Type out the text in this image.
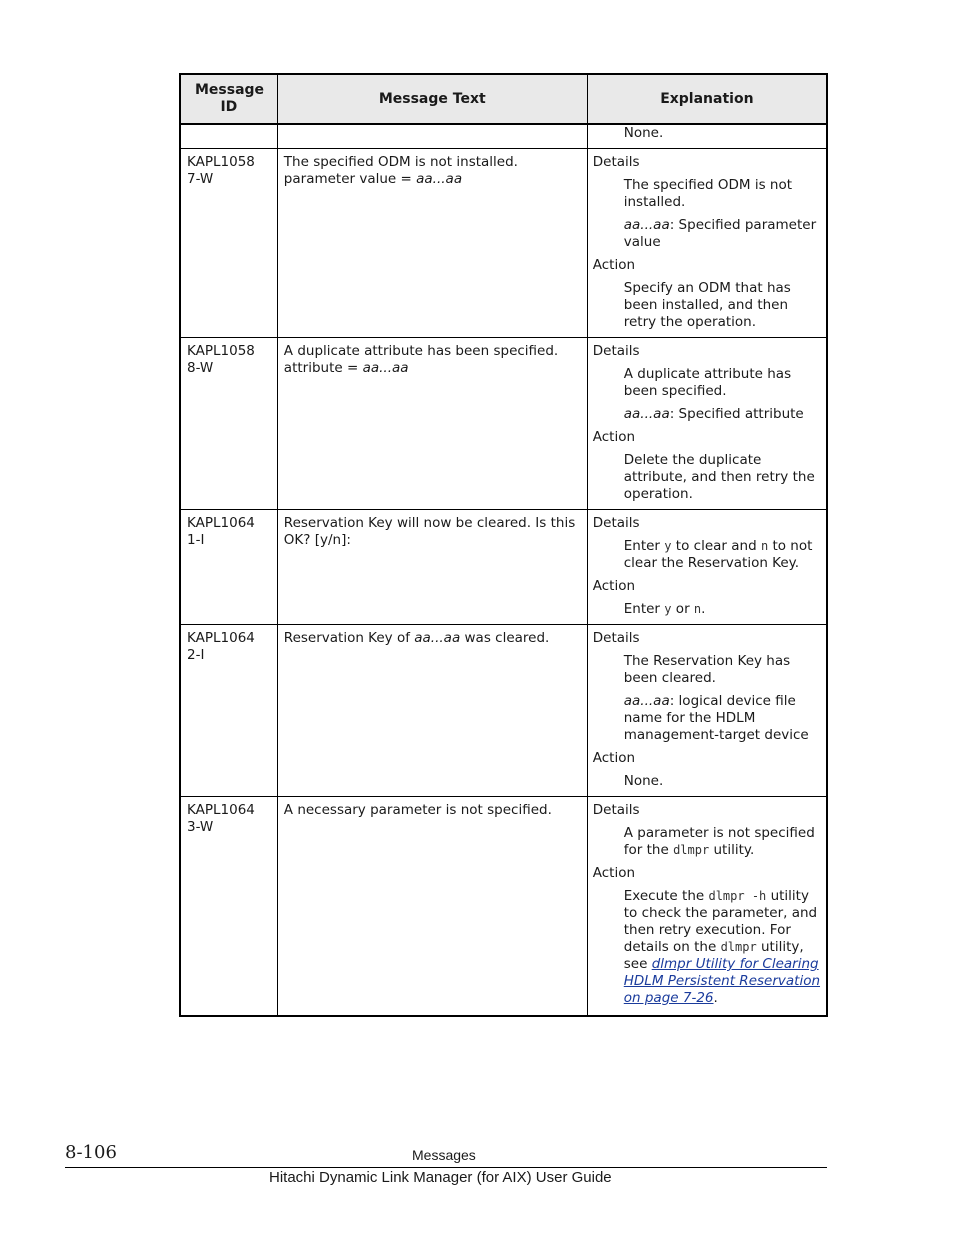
Message ID	Message Text	Explanation

		None.

KAPL10587-W	The specified ODM is not installed. parameter value = aa...aa	Details

The specified ODM is not installed.

aa...aa: Specified parameter value

Action

Specify an ODM that has been installed, and then retry the operation.

KAPL10588-W	A duplicate attribute has been specified. attribute = aa...aa	Details

A duplicate attribute has been specified.

aa...aa: Specified attribute

Action

Delete the duplicate attribute, and then retry the operation.

KAPL10641-I	Reservation Key will now be cleared. Is this OK? [y/n]:	Details

Enter y to clear and n to not clear the Reservation Key.

Action

Enter y or n.

KAPL10642-I	Reservation Key of aa...aa was cleared.	Details

The Reservation Key has been cleared.

aa...aa: logical device file name for the HDLM management-target device

Action

None.

KAPL10643-W	A necessary parameter is not specified.	Details

A parameter is not specified for the dlmpr utility.

Action

Execute the dlmpr -h utility to check the parameter, and then retry execution. For details on the dlmpr utility, see dlmpr Utility for Clearing HDLM Persistent Reservation on page 7-26.

8-106	Messages
Hitachi Dynamic Link Manager (for AIX) User Guide
